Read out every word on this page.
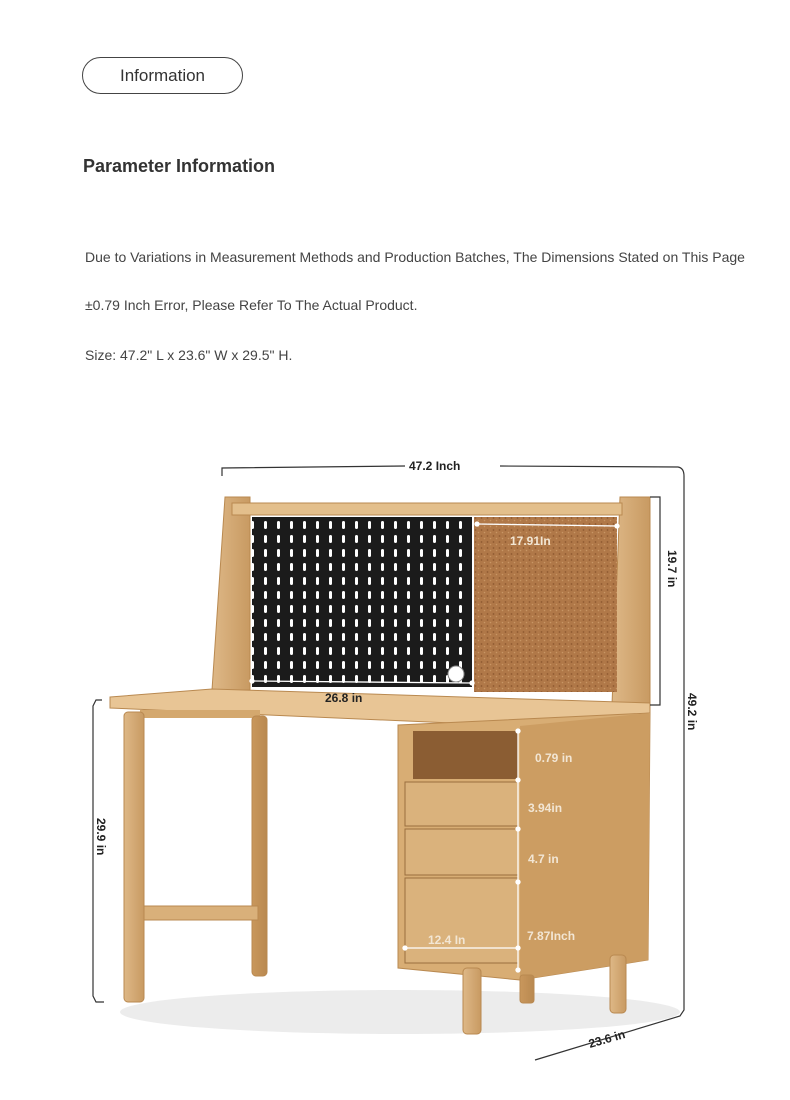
Information
Parameter Information
Due to Variations in Measurement Methods and Production Batches, The Dimensions Stated on This Page
±0.79 Inch Error, Please Refer To The Actual Product.
Size: 47.2" L x 23.6" W x 29.5" H.
47.2 Inch
19.7 in
49.2 in
26.8 in
17.91In
29.9 in
23.6 in
0.79 in
3.94in
4.7 in
7.87Inch
12.4 In
